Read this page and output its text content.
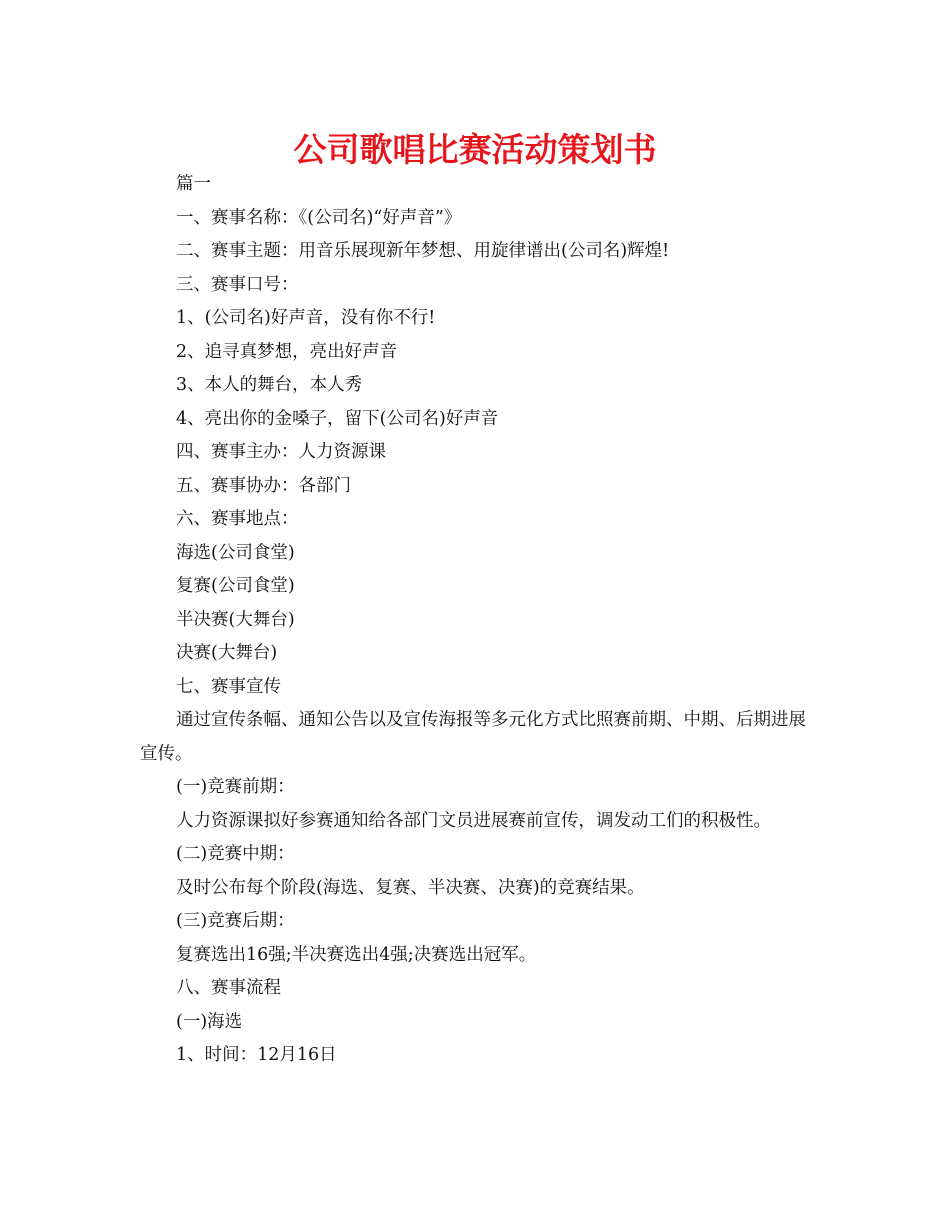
公司歌唱比赛活动策划书
篇一
一、赛事名称：《(公司名)“好声音”》
二、赛事主题：用音乐展现新年梦想、用旋律谱出(公司名)辉煌!
三、赛事口号：
1、(公司名)好声音，没有你不行!
2、追寻真梦想，亮出好声音
3、本人的舞台，本人秀
4、亮出你的金嗓子，留下(公司名)好声音
四、赛事主办：人力资源课
五、赛事协办：各部门
六、赛事地点：
海选(公司食堂)
复赛(公司食堂)
半决赛(大舞台)
决赛(大舞台)
七、赛事宣传
通过宣传条幅、通知公告以及宣传海报等多元化方式比照赛前期、中期、后期进展宣传。
(一)竞赛前期：
人力资源课拟好参赛通知给各部门文员进展赛前宣传，调发动工们的积极性。
(二)竞赛中期：
及时公布每个阶段(海选、复赛、半决赛、决赛)的竞赛结果。
(三)竞赛后期：
复赛选出16强;半决赛选出4强;决赛选出冠军。
八、赛事流程
(一)海选
1、时间：12月16日
